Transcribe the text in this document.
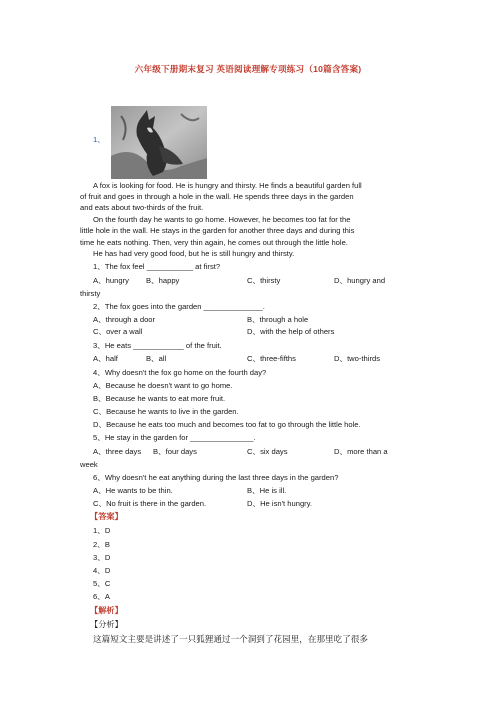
六年级下册期末复习 英语阅读理解专项练习（10篇含答案)
1、
A fox is looking for food. He is hungry and thirsty. He finds a beautiful garden full
of fruit and goes in through a hole in the wall. He spends three days in the garden
and eats about two-thirds of the fruit.
On the fourth day he wants to go home. However, he becomes too fat for the
little hole in the wall. He stays in the garden for another three days and during this
time he eats nothing. Then, very thin again, he comes out through the little hole.
He has had very good food, but he is still hungry and thirsty.
1、The fox feel ___________ at first?
A、hungry B、happy	C、thirsty	D、hungry and
thirsty
2、The fox goes into the garden ______________.
A、through a door	B、through a hole
C、over a wall	D、with the help of others
3、He eats ____________ of the fruit.
A、half	B、all	C、three-fifths	D、two-thirds
4、Why doesn't the fox go home on the fourth day?
A、Because he doesn't want to go home.
B、Because he wants to eat more fruit.
C、Because he wants to live in the garden.
D、Because he eats too much and becomes too fat to go through the little hole.
5、He stay in the garden for _______________.
A、three days B、four days	C、six days	D、more than a
week
6、Why doesn't he eat anything during the last three days in the garden?
A、He wants to be thin.	B、He is ill.
C、No fruit is there in the garden.	D、He isn't hungry.
【答案】
1、D
2、B
3、D
4、D
5、C
6、A
【解析】
【分析】
这篇短文主要是讲述了一只狐狸通过一个洞到了花园里，在那里吃了很多
